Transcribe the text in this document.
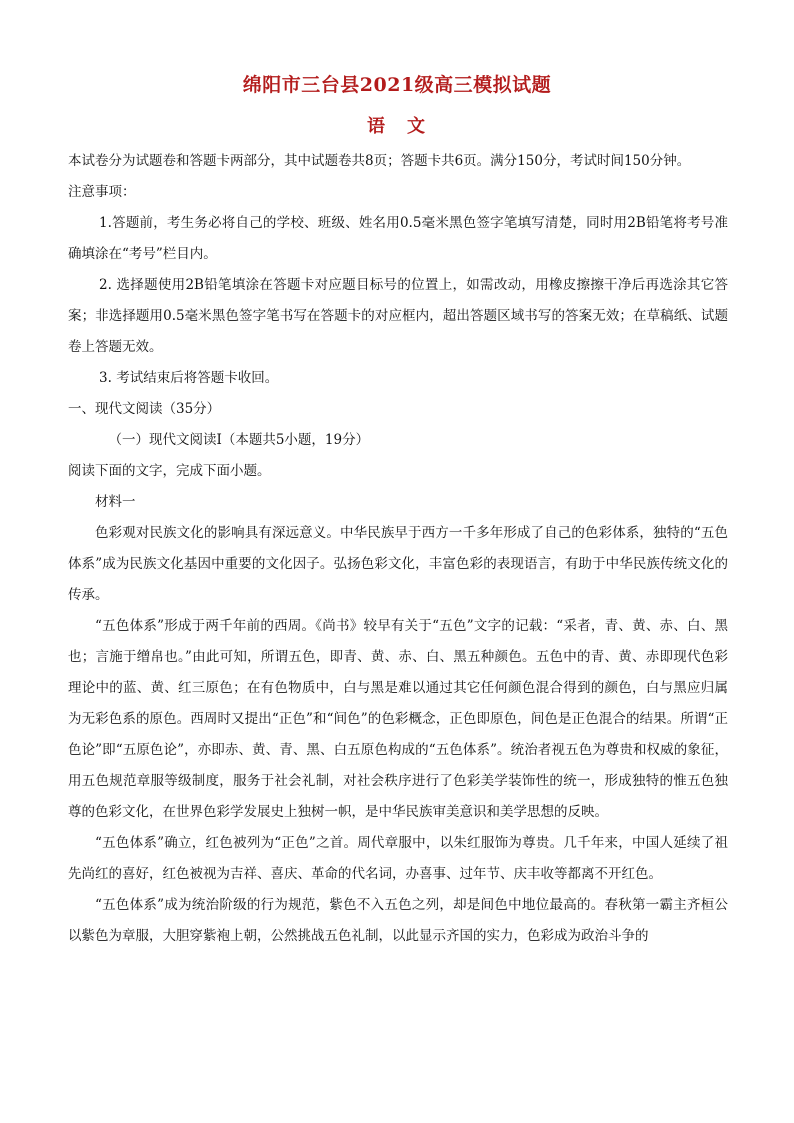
绵阳市三台县2021级高三模拟试题
语 文

本试卷分为试题卷和答题卡两部分，其中试题卷共8页；答题卡共6页。满分150分，考试时间150分钟。

注意事项：

1.答题前，考生务必将自己的学校、班级、姓名用0.5毫米黑色签字笔填写清楚，同时用2B铅笔将考号准确填涂在“考号”栏目内。

2. 选择题使用2B铅笔填涂在答题卡对应题目标号的位置上，如需改动，用橡皮擦擦干净后再选涂其它答案；非选择题用0.5毫米黑色签字笔书写在答题卡的对应框内，超出答题区域书写的答案无效；在草稿纸、试题卷上答题无效。

3. 考试结束后将答题卡收回。

一、现代文阅读（35分）

（一）现代文阅读Ⅰ（本题共5小题，19分）

阅读下面的文字，完成下面小题。

材料一

色彩观对民族文化的影响具有深远意义。中华民族早于西方一千多年形成了自己的色彩体系，独特的“五色体系”成为民族文化基因中重要的文化因子。弘扬色彩文化，丰富色彩的表现语言，有助于中华民族传统文化的传承。

“五色体系”形成于两千年前的西周。《尚书》较早有关于“五色”文字的记载：“采者，青、黄、赤、白、黑也；言施于缯帛也。”由此可知，所谓五色，即青、黄、赤、白、黑五种颜色。五色中的青、黄、赤即现代色彩理论中的蓝、黄、红三原色；在有色物质中，白与黑是难以通过其它任何颜色混合得到的颜色，白与黑应归属为无彩色系的原色。西周时又提出“正色”和“间色”的色彩概念，正色即原色，间色是正色混合的结果。所谓“正色论”即“五原色论”，亦即赤、黄、青、黑、白五原色构成的“五色体系”。统治者视五色为尊贵和权威的象征，用五色规范章服等级制度，服务于社会礼制，对社会秩序进行了色彩美学装饰性的统一，形成独特的惟五色独尊的色彩文化，在世界色彩学发展史上独树一帜，是中华民族审美意识和美学思想的反映。

“五色体系”确立，红色被列为“正色”之首。周代章服中，以朱红服饰为尊贵。几千年来，中国人延续了祖先尚红的喜好，红色被视为吉祥、喜庆、革命的代名词，办喜事、过年节、庆丰收等都离不开红色。

“五色体系”成为统治阶级的行为规范，紫色不入五色之列，却是间色中地位最高的。春秋第一霸主齐桓公以紫色为章服，大胆穿紫袍上朝，公然挑战五色礼制，以此显示齐国的实力，色彩成为政治斗争的
